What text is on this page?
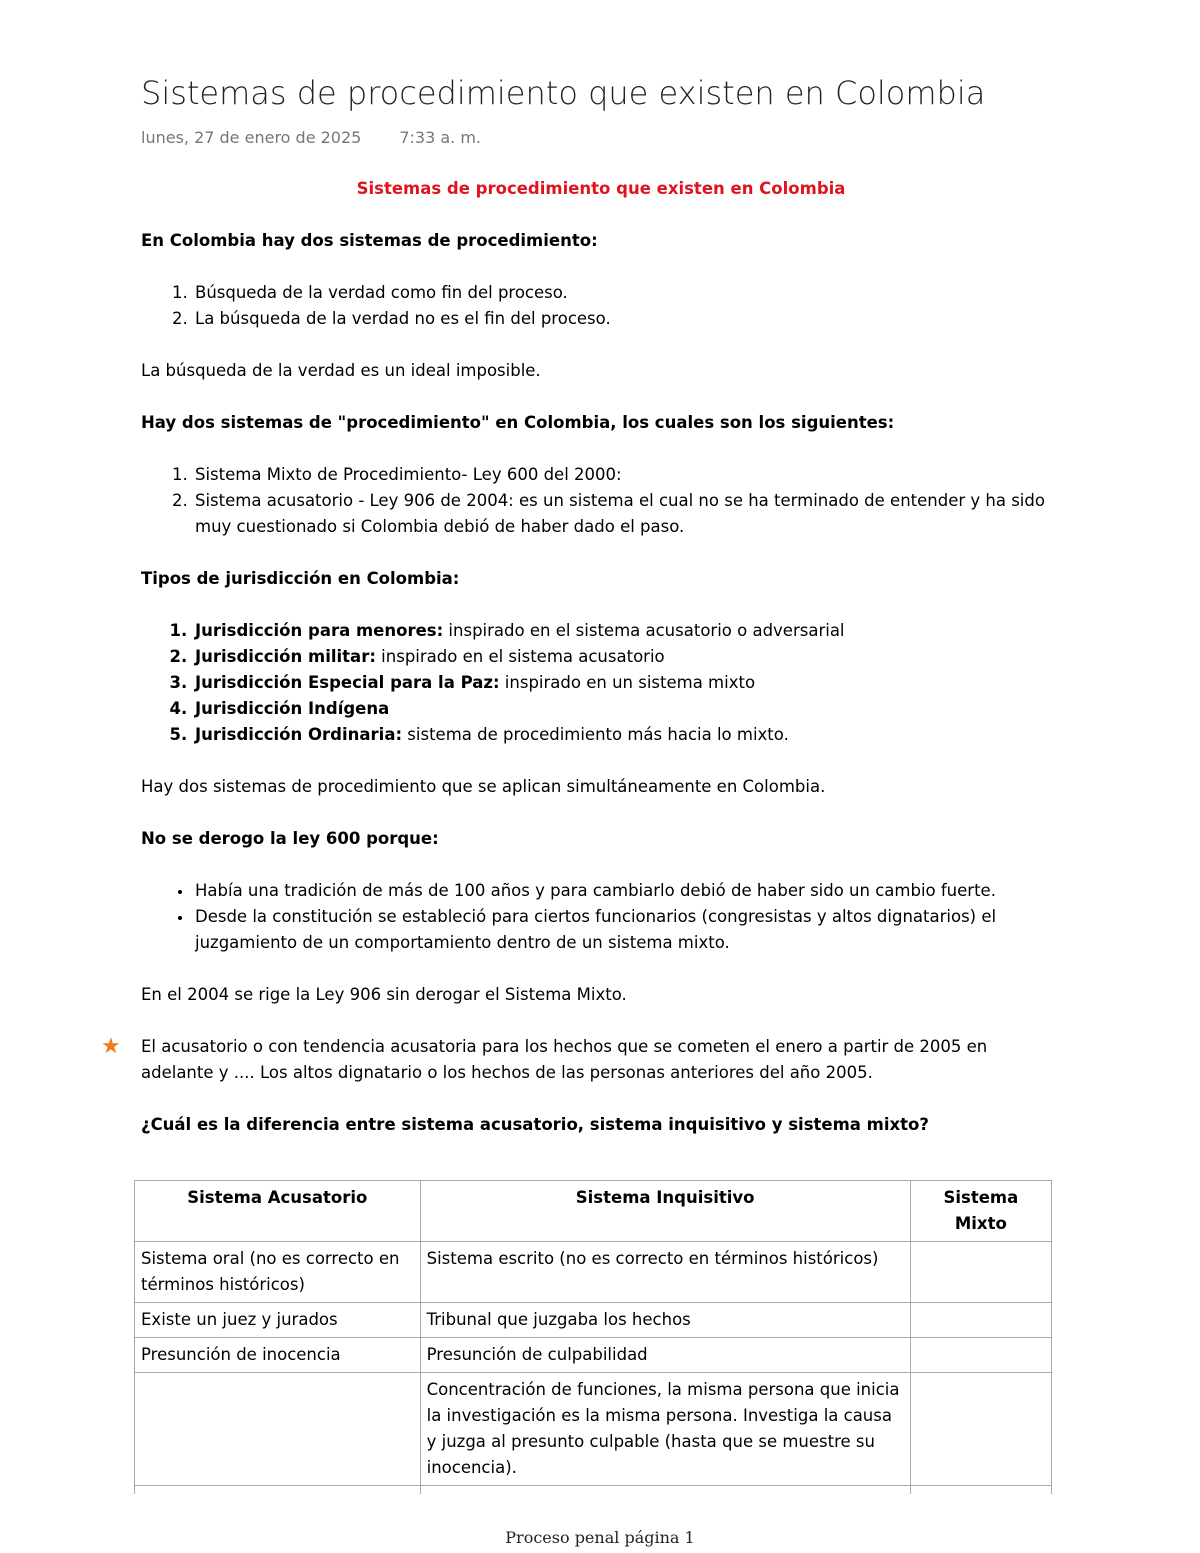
Sistemas de procedimiento que existen en Colombia
lunes, 27 de enero de 2025 7:33 a. m.

Sistemas de procedimiento que existen en Colombia

En Colombia hay dos sistemas de procedimiento:

1. Búsqueda de la verdad como fin del proceso.
2. La búsqueda de la verdad no es el fin del proceso.

La búsqueda de la verdad es un ideal imposible.

Hay dos sistemas de "procedimiento" en Colombia, los cuales son los siguientes:

1. Sistema Mixto de Procedimiento- Ley 600 del 2000:
2. Sistema acusatorio - Ley 906 de 2004: es un sistema el cual no se ha terminado de entender y ha sido muy cuestionado si Colombia debió de haber dado el paso.

Tipos de jurisdicción en Colombia:

1. Jurisdicción para menores: inspirado en el sistema acusatorio o adversarial
2. Jurisdicción militar: inspirado en el sistema acusatorio
3. Jurisdicción Especial para la Paz: inspirado en un sistema mixto
4. Jurisdicción Indígena
5. Jurisdicción Ordinaria: sistema de procedimiento más hacia lo mixto.

Hay dos sistemas de procedimiento que se aplican simultáneamente en Colombia.

No se derogo la ley 600 porque:

• Había una tradición de más de 100 años y para cambiarlo debió de haber sido un cambio fuerte.
• Desde la constitución se estableció para ciertos funcionarios (congresistas y altos dignatarios) el juzgamiento de un comportamiento dentro de un sistema mixto.

En el 2004 se rige la Ley 906 sin derogar el Sistema Mixto.

★ El acusatorio o con tendencia acusatoria para los hechos que se cometen el enero a partir de 2005 en adelante y .... Los altos dignatario o los hechos de las personas anteriores del año 2005.

¿Cuál es la diferencia entre sistema acusatorio, sistema inquisitivo y sistema mixto?

Sistema Acusatorio	Sistema Inquisitivo	Sistema Mixto
Sistema oral (no es correcto en términos históricos)	Sistema escrito (no es correcto en términos históricos)	
Existe un juez y jurados	Tribunal que juzgaba los hechos	
Presunción de inocencia	Presunción de culpabilidad	
	Concentración de funciones, la misma persona que inicia la investigación es la misma persona. Investiga la causa y juzga al presunto culpable (hasta que se muestre su inocencia).	

Proceso penal página 1
